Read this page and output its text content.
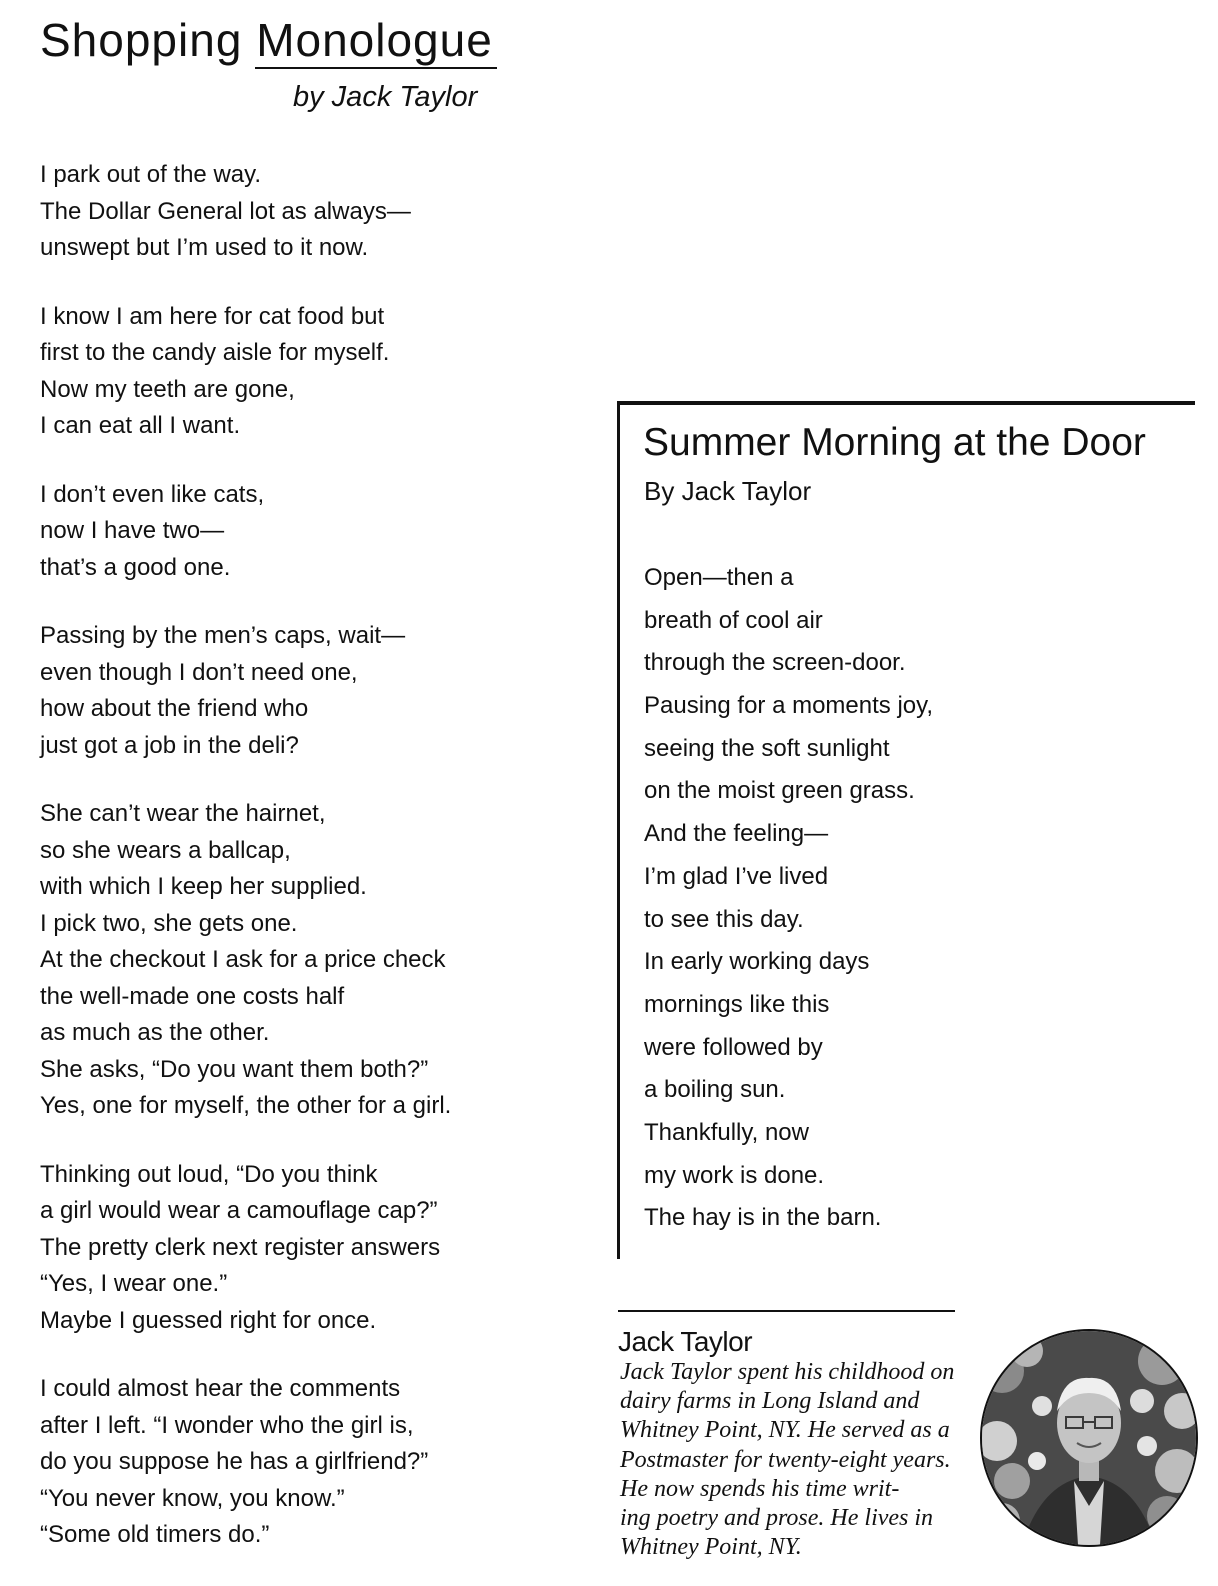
Shopping Monologue
by Jack Taylor
I park out of the way.
The Dollar General lot as always—
unswept but I’m used to it now.
I know I am here for cat food but
first to the candy aisle for myself.
Now my teeth are gone,
I can eat all I want.
I don’t even like cats,
now I have two—
that’s a good one.
Passing by the men’s caps, wait—
even though I don’t need one,
how about the friend who
just got a job in the deli?
She can’t wear the hairnet,
so she wears a ballcap,
with which I keep her supplied.
I pick two, she gets one.
At the checkout I ask for a price check
the well-made one costs half
as much as the other.
She asks, “Do you want them both?”
Yes, one for myself, the other for a girl.
Thinking out loud, “Do you think
a girl would wear a camouflage cap?”
The pretty clerk next register answers
“Yes, I wear one.”
Maybe I guessed right for once.
I could almost hear the comments
after I left. “I wonder who the girl is,
do you suppose he has a girlfriend?”
“You never know, you know.”
“Some old timers do.”
Summer Morning at the Door
By Jack Taylor
Open—then a
breath of cool air
through the screen-door.
Pausing for a moments joy,
seeing the soft sunlight
on the moist green grass.
And the feeling—
I’m glad I’ve lived
to see this day.
In early working days
mornings like this
were followed by
a boiling sun.
Thankfully, now
my work is done.
The hay is in the barn.
Jack Taylor
Jack Taylor spent his childhood on
dairy farms in Long Island and
Whitney Point, NY. He served as a
Postmaster for twenty-eight years.
He now spends his time writ-
ing poetry and prose. He lives in
Whitney Point, NY.
